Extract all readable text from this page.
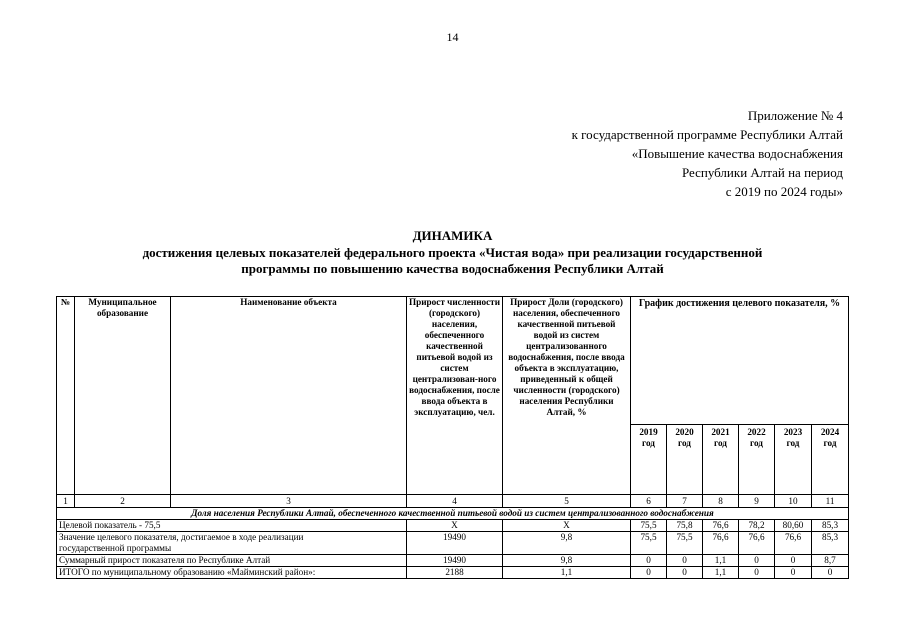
14
Приложение № 4
к государственной программе Республики Алтай
«Повышение качества водоснабжения
Республики Алтай на период
с 2019 по 2024 годы»
ДИНАМИКА
достижения целевых показателей федерального проекта «Чистая вода» при реализации государственной
программы по повышению качества водоснабжения Республики Алтай
№	Муниципальное образование	Наименование объекта	Прирост численности (городского) населения, обеспеченного качественной питьевой водой из систем централизован-ного водоснабжения, после ввода объекта в эксплуатацию, чел.	Прирост Доли (городского) населения, обеспеченного качественной питьевой водой из систем централизованного водоснабжения, после ввода объекта в эксплуатацию, приведенный к общей численности (городского) населения Республики Алтай, %	График достижения целевого показателя, %					
					2019 год	2020 год	2021 год	2022 год	2023 год	2024 год
1	2	3	4	5	6	7	8	9	10	11
Доля населения Республики Алтай, обеспеченного качественной питьевой водой из систем централизованного водоснабжения										
Целевой показатель - 75,5			Х	Х	75,5	75,8	76,6	78,2	80,60	85,3

Значение целевого показателя, достигаемое в ходе реализации государственной программы			19490	9,8	75,5	75,5	76,6	76,6	76,6	85,3
Суммарный прирост показателя по Республике Алтай			19490	9,8	0	0	1,1	0	0	8,7
ИТОГО по муниципальному образованию «Майминский район»:			2188	1,1	0	0	1,1	0	0	0
